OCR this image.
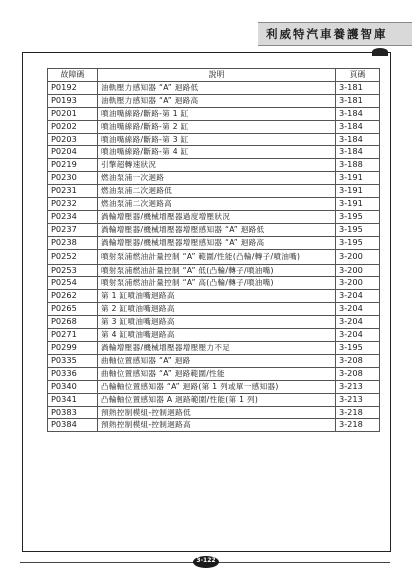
利威特汽車養護智庫
故障碼	說明	頁碼
P0192	油軌壓力感知器 “A” 迴路低	3-181
P0193	油軌壓力感知器 “A” 迴路高	3-181
P0201	噴油嘴線路/斷路-第 1 缸	3-184
P0202	噴油嘴線路/斷路-第 2 缸	3-184
P0203	噴油嘴線路/斷路-第 3 缸	3-184
P0204	噴油嘴線路/斷路-第 4 缸	3-184
P0219	引擎超轉速狀況	3-188
P0230	燃油泵浦一次迴路	3-191
P0231	燃油泵浦二次迴路低	3-191
P0232	燃油泵浦二次迴路高	3-191
P0234	渦輪增壓器/機械增壓器過度增壓狀況	3-195
P0237	渦輪增壓器/機械增壓器增壓感知器 “A” 迴路低	3-195
P0238	渦輪增壓器/機械增壓器增壓感知器 “A” 迴路高	3-195
P0252	噴射泵浦燃油計量控制 “A” 範圍/性能(凸輪/轉子/噴油嘴)	3-200
P0253	噴射泵浦燃油計量控制 “A” 低(凸輪/轉子/噴油嘴)	3-200
P0254	噴射泵浦燃油計量控制 “A” 高(凸輪/轉子/噴油嘴)	3-200
P0262	第 1 缸噴油嘴迴路高	3-204
P0265	第 2 缸噴油嘴迴路高	3-204
P0268	第 3 缸噴油嘴迴路高	3-204
P0271	第 4 缸噴油嘴迴路高	3-204
P0299	渦輪增壓器/機械增壓器增壓壓力不足	3-195
P0335	曲軸位置感知器 “A” 迴路	3-208
P0336	曲軸位置感知器 “A” 迴路範圍/性能	3-208
P0340	凸輪軸位置感知器 “A” 迴路(第 1 列或單一感知器)	3-213
P0341	凸輪軸位置感知器 A 迴路範圍/性能(第 1 列)	3-213
P0383	預熱控制模組-控制迴路低	3-218
P0384	預熱控制模組-控制迴路高	3-218
3-122
